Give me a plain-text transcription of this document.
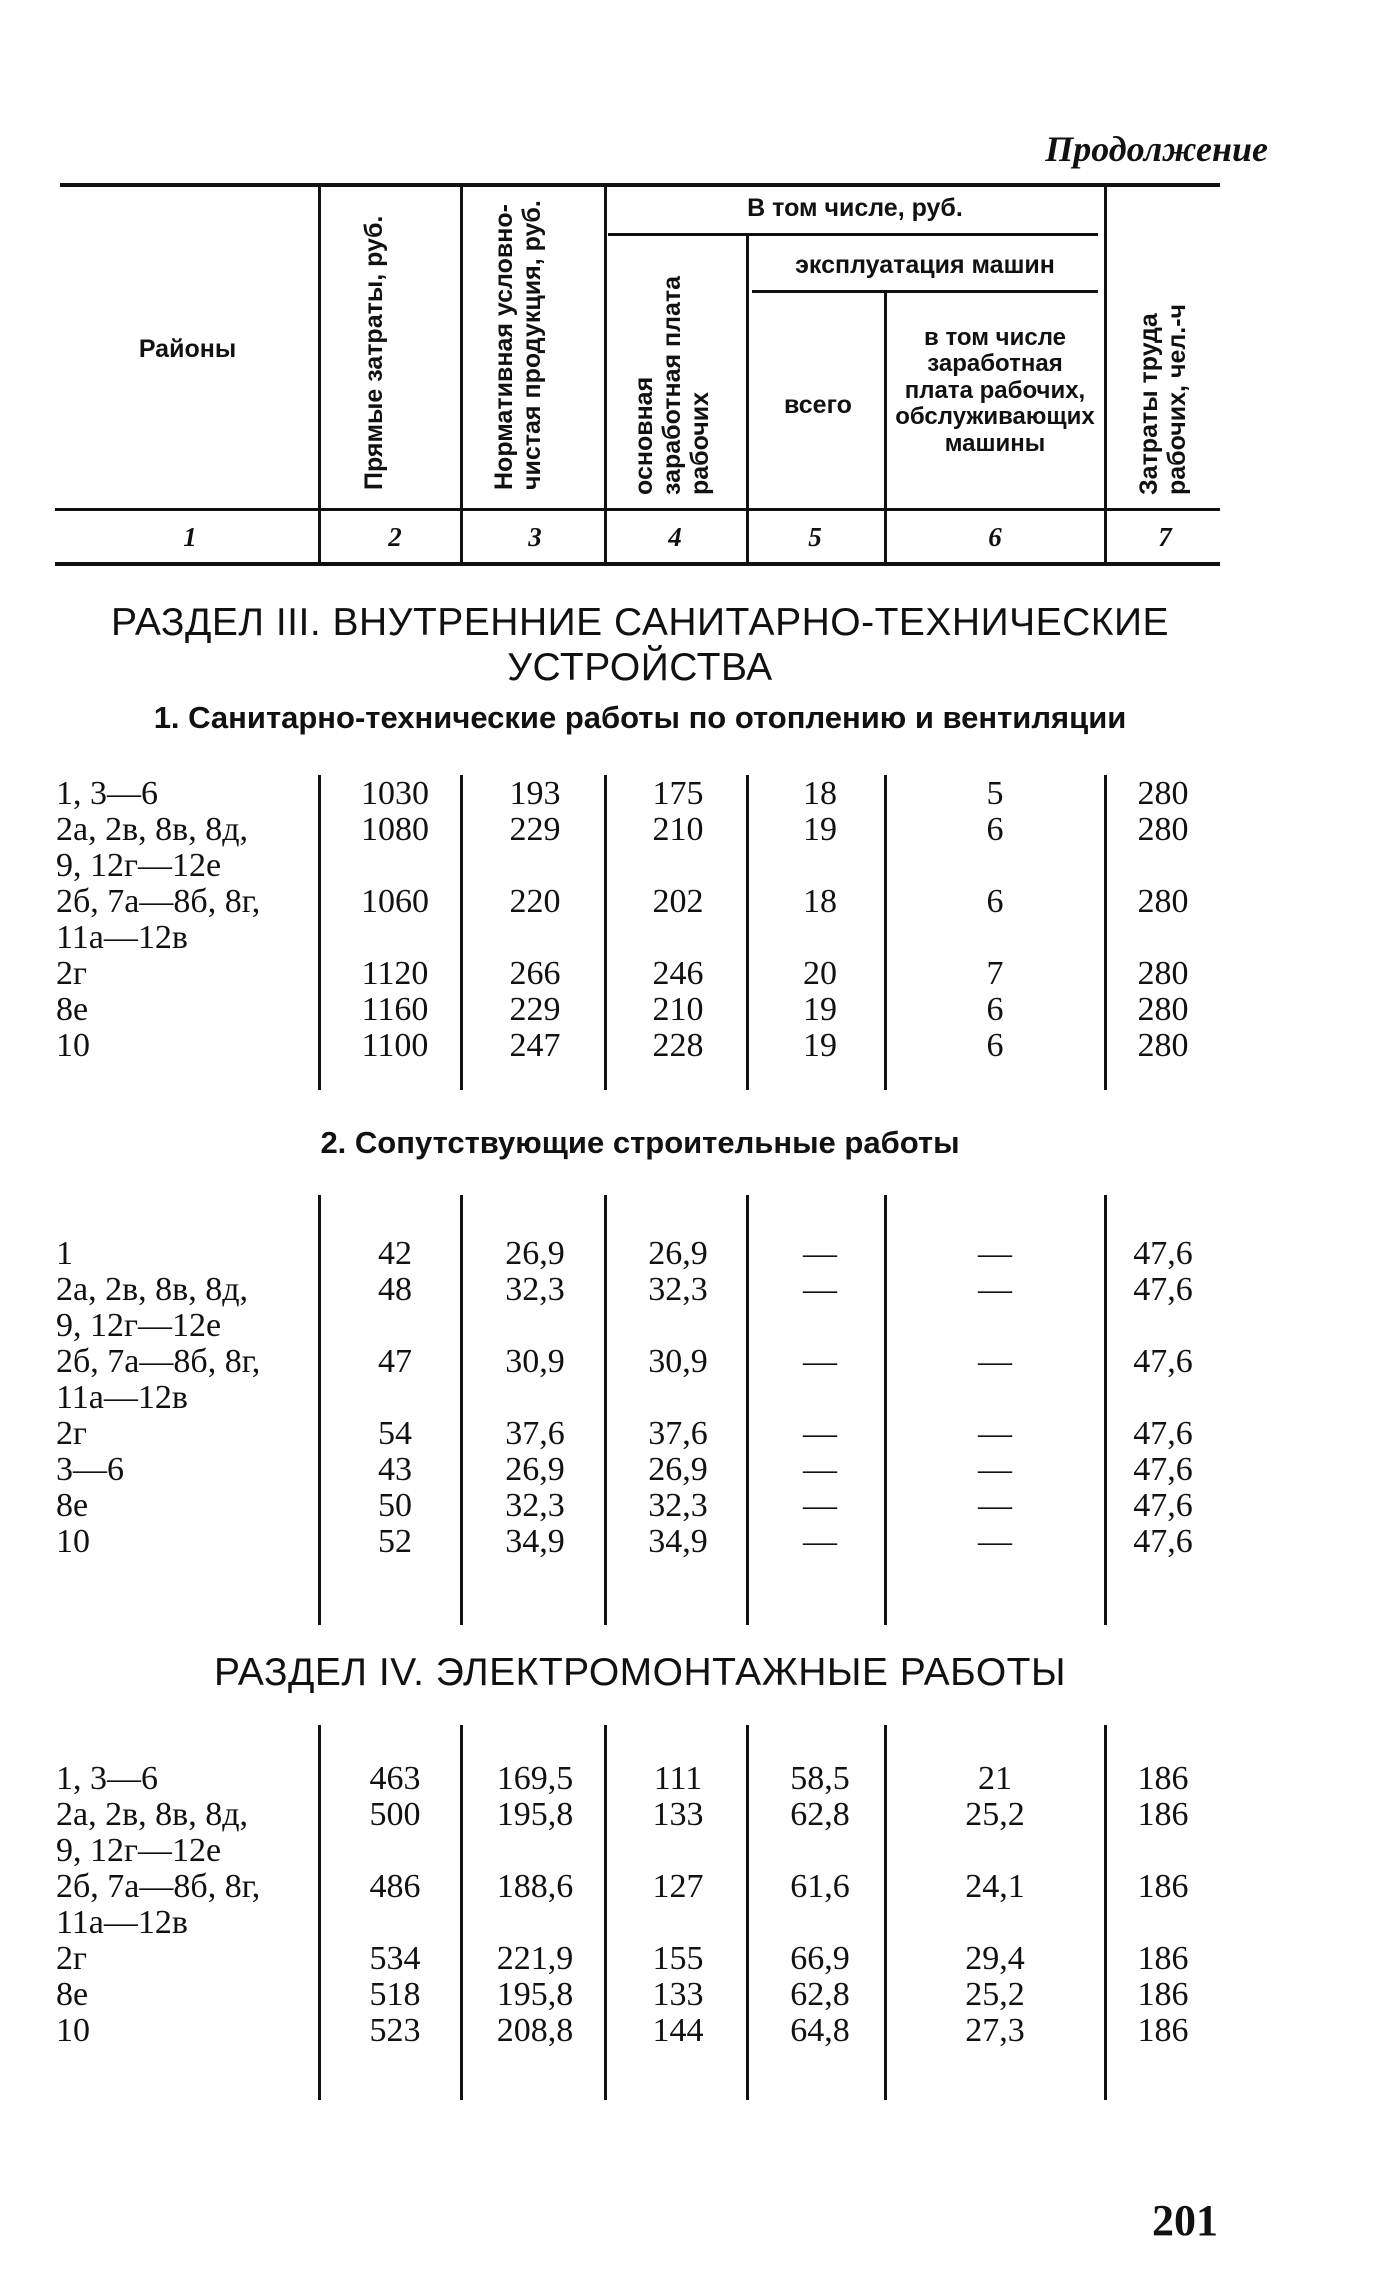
Продолжение
Районы	Прямые затраты, руб.	Нормативная условно-чистая продукция, руб.	В том числе, руб.
основная заработная плата рабочих
эксплуатация машин
всего
в том числе заработная плата рабочих, обслуживающих машины	Затраты труда рабочих, чел.-ч
1	2	3	4	5	6	7
РАЗДЕЛ III. ВНУТРЕННИЕ САНИТАРНО-ТЕХНИЧЕСКИЕ
УСТРОЙСТВА
1. Санитарно-технические работы по отоплению и вентиляции
1, 3—6	1030	193	175	18	5	280
2а, 2в, 8в, 8д,
9, 12г—12е
1080	229	210	19	6	280
2б, 7а—8б, 8г,
11а—12в
1060	220	202	18	6	280
2г	1120	266	246	20	7	280
8е	1160	229	210	19	6	280
10	1100	247	228	19	6	280
2. Сопутствующие строительные работы
1	42	26,9	26,9	—	—	47,6
2а, 2в, 8в, 8д,
9, 12г—12е
48	32,3	32,3	—	—	47,6
2б, 7а—8б, 8г,
11а—12в
47	30,9	30,9	—	—	47,6
2г	54	37,6	37,6	—	—	47,6
3—6	43	26,9	26,9	—	—	47,6
8е	50	32,3	32,3	—	—	47,6
10	52	34,9	34,9	—	—	47,6
РАЗДЕЛ IV. ЭЛЕКТРОМОНТАЖНЫЕ РАБОТЫ
1, 3—6	463	169,5	111	58,5	21	186
2а, 2в, 8в, 8д,
9, 12г—12е
500	195,8	133	62,8	25,2	186
2б, 7а—8б, 8г,
11а—12в
486	188,6	127	61,6	24,1	186
2г	534	221,9	155	66,9	29,4	186
8е	518	195,8	133	62,8	25,2	186
10	523	208,8	144	64,8	27,3	186
201
